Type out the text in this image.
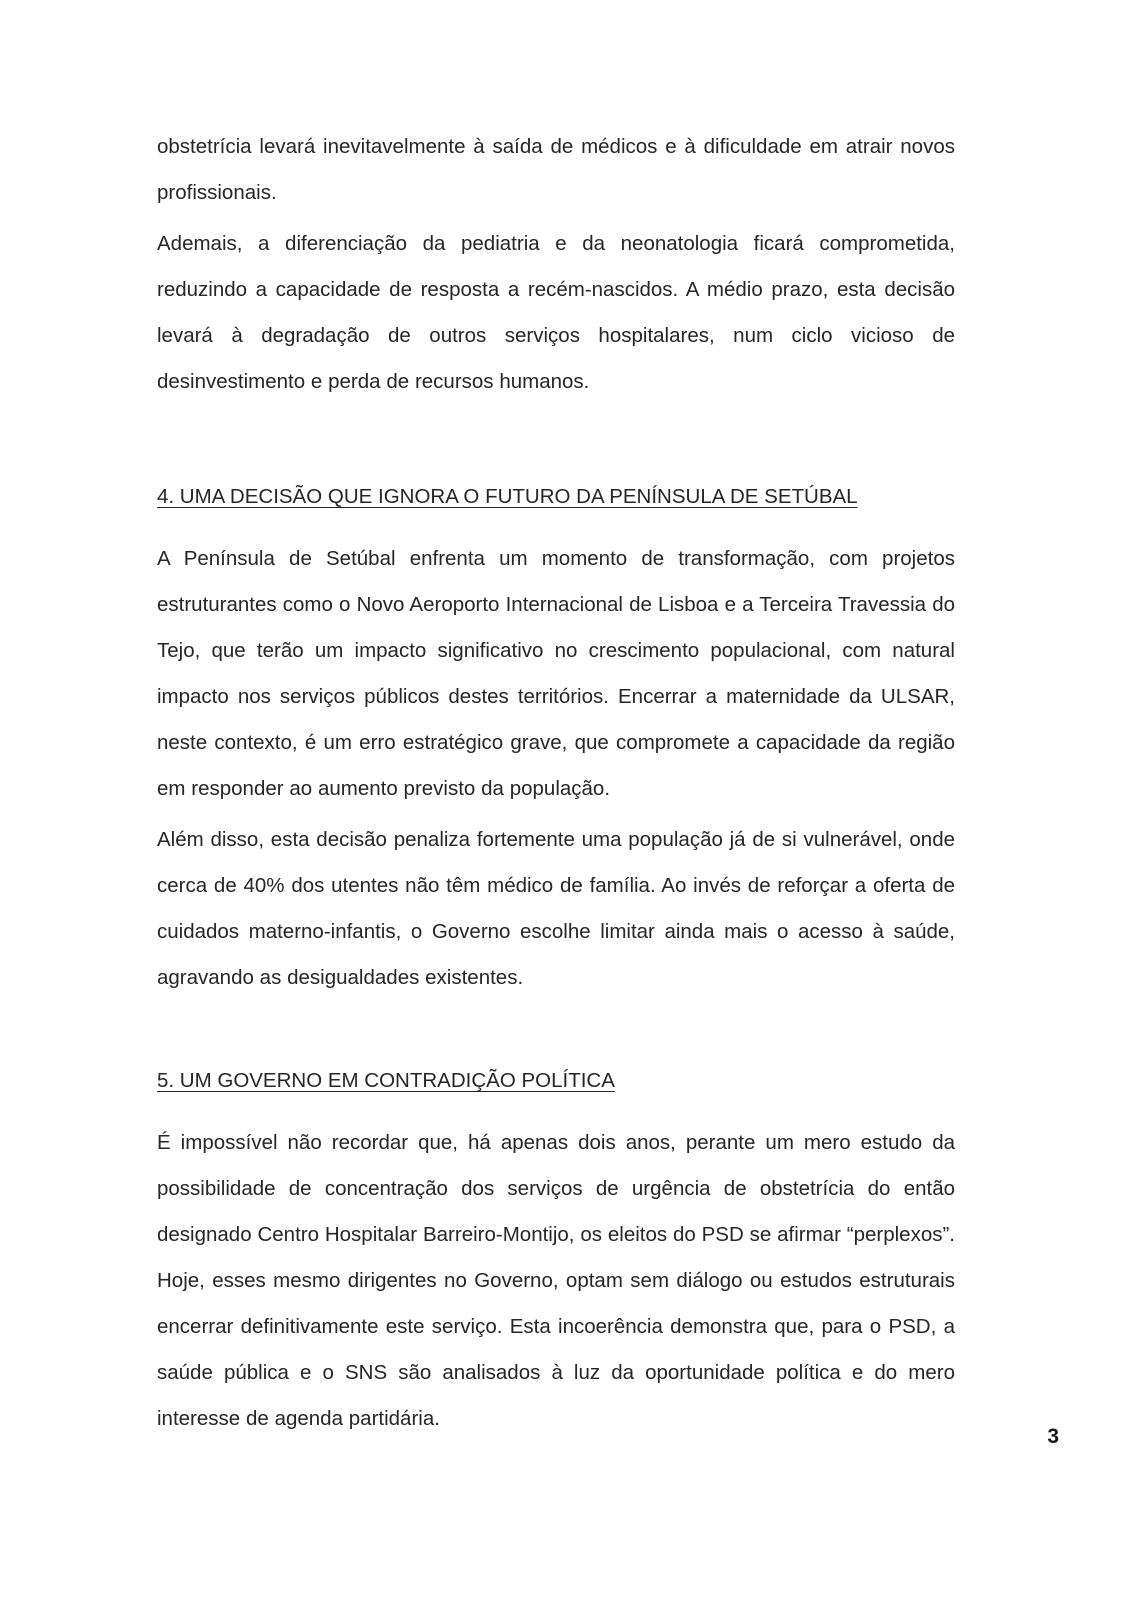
obstetrícia levará inevitavelmente à saída de médicos e à dificuldade em atrair novos profissionais.

Ademais, a diferenciação da pediatria e da neonatologia ficará comprometida, reduzindo a capacidade de resposta a recém-nascidos. A médio prazo, esta decisão levará à degradação de outros serviços hospitalares, num ciclo vicioso de desinvestimento e perda de recursos humanos.

4. UMA DECISÃO QUE IGNORA O FUTURO DA PENÍNSULA DE SETÚBAL

A Península de Setúbal enfrenta um momento de transformação, com projetos estruturantes como o Novo Aeroporto Internacional de Lisboa e a Terceira Travessia do Tejo, que terão um impacto significativo no crescimento populacional, com natural impacto nos serviços públicos destes territórios. Encerrar a maternidade da ULSAR, neste contexto, é um erro estratégico grave, que compromete a capacidade da região em responder ao aumento previsto da população.

Além disso, esta decisão penaliza fortemente uma população já de si vulnerável, onde cerca de 40% dos utentes não têm médico de família. Ao invés de reforçar a oferta de cuidados materno-infantis, o Governo escolhe limitar ainda mais o acesso à saúde, agravando as desigualdades existentes.

5. UM GOVERNO EM CONTRADIÇÃO POLÍTICA

É impossível não recordar que, há apenas dois anos, perante um mero estudo da possibilidade de concentração dos serviços de urgência de obstetrícia do então designado Centro Hospitalar Barreiro-Montijo, os eleitos do PSD se afirmar “perplexos”. Hoje, esses mesmo dirigentes no Governo, optam sem diálogo ou estudos estruturais encerrar definitivamente este serviço. Esta incoerência demonstra que, para o PSD, a saúde pública e o SNS são analisados à luz da oportunidade política e do mero interesse de agenda partidária.

3
